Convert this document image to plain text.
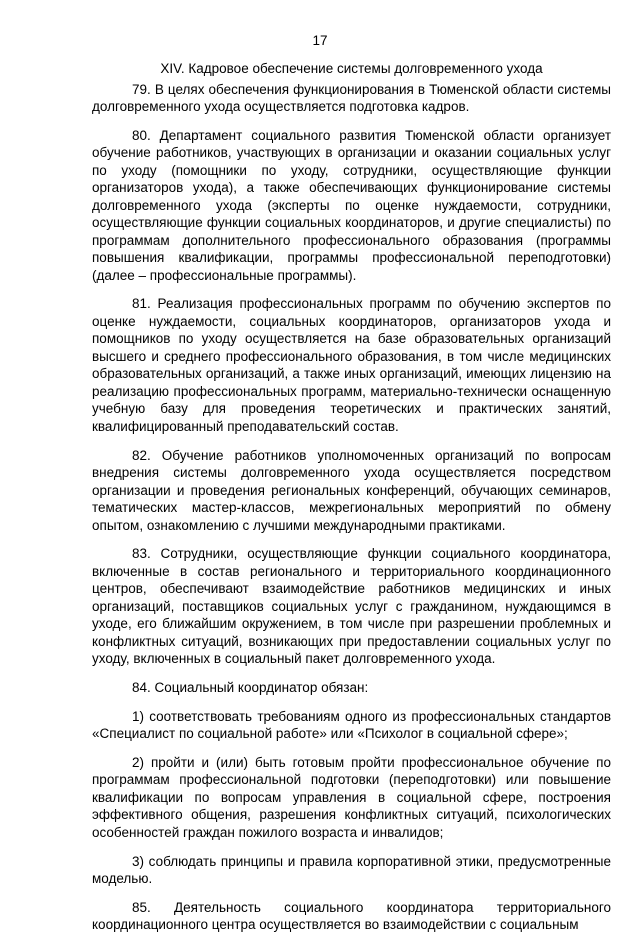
17
XIV. Кадровое обеспечение системы долговременного ухода

79. В целях обеспечения функционирования в Тюменской области системы долговременного ухода осуществляется подготовка кадров.

80. Департамент социального развития Тюменской области организует обучение работников, участвующих в организации и оказании социальных услуг по уходу (помощники по уходу, сотрудники, осуществляющие функции организаторов ухода), а также обеспечивающих функционирование системы долговременного ухода (эксперты по оценке нуждаемости, сотрудники, осуществляющие функции социальных координаторов, и другие специалисты) по программам дополнительного профессионального образования (программы повышения квалификации, программы профессиональной переподготовки) (далее – профессиональные программы).

81. Реализация профессиональных программ по обучению экспертов по оценке нуждаемости, социальных координаторов, организаторов ухода и помощников по уходу осуществляется на базе образовательных организаций высшего и среднего профессионального образования, в том числе медицинских образовательных организаций, а также иных организаций, имеющих лицензию на реализацию профессиональных программ, материально-технически оснащенную учебную базу для проведения теоретических и практических занятий, квалифицированный преподавательский состав.

82. Обучение работников уполномоченных организаций по вопросам внедрения системы долговременного ухода осуществляется посредством организации и проведения региональных конференций, обучающих семинаров, тематических мастер-классов, межрегиональных мероприятий по обмену опытом, ознакомлению с лучшими международными практиками.

83. Сотрудники, осуществляющие функции социального координатора, включенные в состав регионального и территориального координационного центров, обеспечивают взаимодействие работников медицинских и иных организаций, поставщиков социальных услуг с гражданином, нуждающимся в уходе, его ближайшим окружением, в том числе при разрешении проблемных и конфликтных ситуаций, возникающих при предоставлении социальных услуг по уходу, включенных в социальный пакет долговременного ухода.

84. Социальный координатор обязан:

1) соответствовать требованиям одного из профессиональных стандартов «Специалист по социальной работе» или «Психолог в социальной сфере»;

2) пройти и (или) быть готовым пройти профессиональное обучение по программам профессиональной подготовки (переподготовки) или повышение квалификации по вопросам управления в социальной сфере, построения эффективного общения, разрешения конфликтных ситуаций, психологических особенностей граждан пожилого возраста и инвалидов;

3) соблюдать принципы и правила корпоративной этики, предусмотренные моделью.

85. Деятельность социального координатора территориального координационного центра осуществляется во взаимодействии с социальным
